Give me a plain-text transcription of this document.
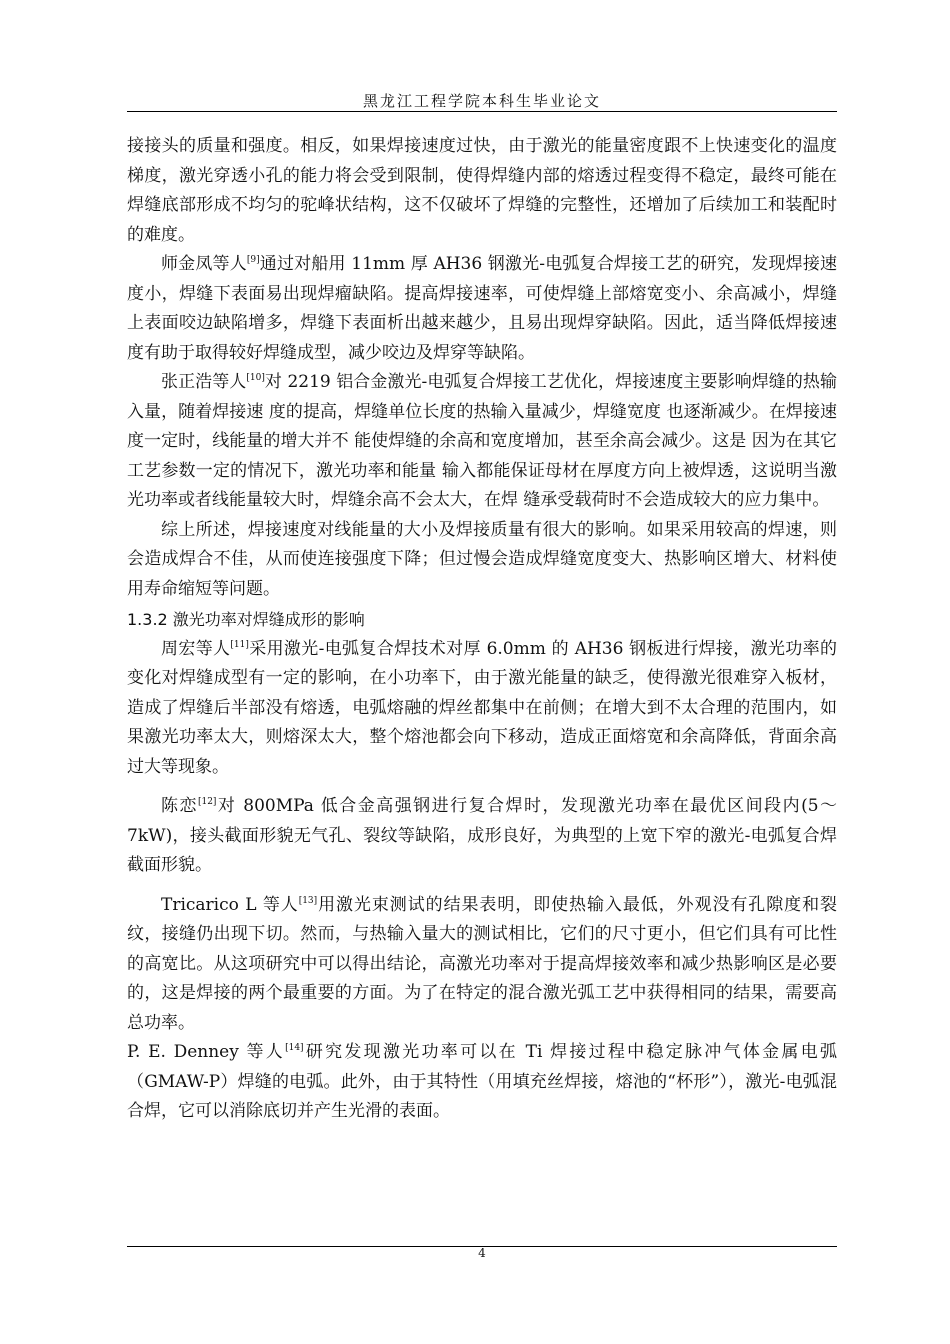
黑龙江工程学院本科生毕业论文

接接头的质量和强度。相反，如果焊接速度过快，由于激光的能量密度跟不上快速变化的温度梯度，激光穿透小孔的能力将会受到限制，使得焊缝内部的熔透过程变得不稳定，最终可能在焊缝底部形成不均匀的驼峰状结构，这不仅破坏了焊缝的完整性，还增加了后续加工和装配时的难度。

师金凤等人[9]通过对船用 11mm 厚 AH36 钢激光-电弧复合焊接工艺的研究，发现焊接速度小，焊缝下表面易出现焊瘤缺陷。提高焊接速率，可使焊缝上部熔宽变小、余高减小，焊缝上表面咬边缺陷增多，焊缝下表面析出越来越少，且易出现焊穿缺陷。因此，适当降低焊接速度有助于取得较好焊缝成型，减少咬边及焊穿等缺陷。

张正浩等人[10]对 2219 铝合金激光-电弧复合焊接工艺优化，焊接速度主要影响焊缝的热输入量，随着焊接速 度的提高，焊缝单位长度的热输入量减少，焊缝宽度 也逐渐减少。在焊接速度一定时，线能量的增大并不 能使焊缝的余高和宽度增加，甚至余高会减少。这是 因为在其它工艺参数一定的情况下，激光功率和能量 输入都能保证母材在厚度方向上被焊透，这说明当激 光功率或者线能量较大时，焊缝余高不会太大，在焊 缝承受载荷时不会造成较大的应力集中。

综上所述，焊接速度对线能量的大小及焊接质量有很大的影响。如果采用较高的焊速，则会造成焊合不佳，从而使连接强度下降；但过慢会造成焊缝宽度变大、热影响区增大、材料使用寿命缩短等问题。

1.3.2 激光功率对焊缝成形的影响

周宏等人[11]采用激光-电弧复合焊技术对厚 6.0mm 的 AH36 钢板进行焊接，激光功率的变化对焊缝成型有一定的影响，在小功率下，由于激光能量的缺乏，使得激光很难穿入板材，造成了焊缝后半部没有熔透，电弧熔融的焊丝都集中在前侧；在增大到不太合理的范围内，如果激光功率太大，则熔深太大，整个熔池都会向下移动，造成正面熔宽和余高降低，背面余高过大等现象。

陈恋[12]对 800MPa 低合金高强钢进行复合焊时，发现激光功率在最优区间段内(5～7kW)，接头截面形貌无气孔、裂纹等缺陷，成形良好，为典型的上宽下窄的激光-电弧复合焊截面形貌。

Tricarico L 等人[13]用激光束测试的结果表明，即使热输入最低，外观没有孔隙度和裂纹，接缝仍出现下切。然而，与热输入量大的测试相比，它们的尺寸更小，但它们具有可比性的高宽比。从这项研究中可以得出结论，高激光功率对于提高焊接效率和减少热影响区是必要的，这是焊接的两个最重要的方面。为了在特定的混合激光弧工艺中获得相同的结果，需要高总功率。

P. E. Denney 等人[14]研究发现激光功率可以在 Ti 焊接过程中稳定脉冲气体金属电弧（GMAW-P）焊缝的电弧。此外，由于其特性（用填充丝焊接，熔池的“杯形”），激光-电弧混合焊，它可以消除底切并产生光滑的表面。

4
